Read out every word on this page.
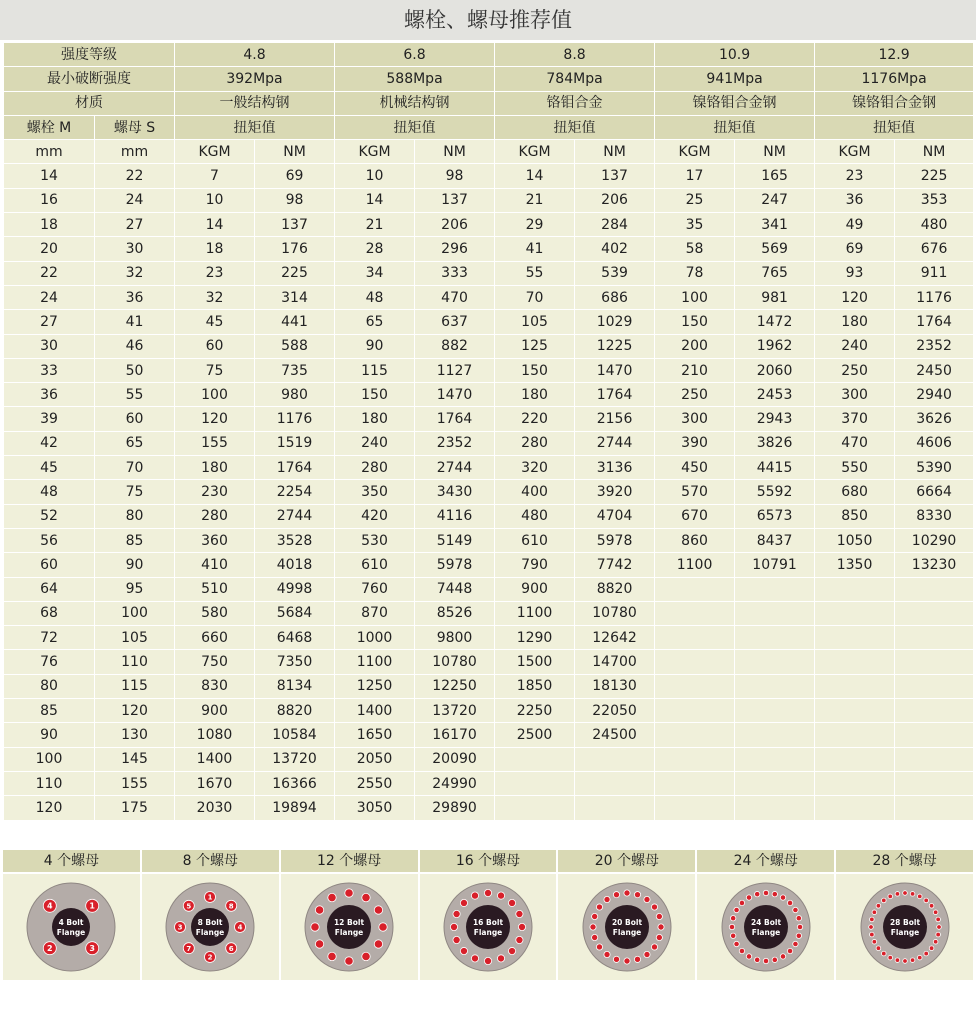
螺栓、螺母推荐值
强度等级		4.8		6.8		8.8		10.9		12.9	
最小破断强度		392Mpa		588Mpa		784Mpa		941Mpa		1176Mpa	
材质		一般结构钢		机械结构钢		铬钼合金		镍铬钼合金钢		镍铬钼合金钢	
螺栓 M	螺母 S	扭矩值		扭矩值		扭矩值		扭矩值		扭矩值	
mm	mm	KGM	NM	KGM	NM	KGM	NM	KGM	NM	KGM	NM
14	22	7	69	10	98	14	137	17	165	23	225
16	24	10	98	14	137	21	206	25	247	36	353
18	27	14	137	21	206	29	284	35	341	49	480
20	30	18	176	28	296	41	402	58	569	69	676
22	32	23	225	34	333	55	539	78	765	93	911
24	36	32	314	48	470	70	686	100	981	120	1176
27	41	45	441	65	637	105	1029	150	1472	180	1764
30	46	60	588	90	882	125	1225	200	1962	240	2352
33	50	75	735	115	1127	150	1470	210	2060	250	2450
36	55	100	980	150	1470	180	1764	250	2453	300	2940
39	60	120	1176	180	1764	220	2156	300	2943	370	3626
42	65	155	1519	240	2352	280	2744	390	3826	470	4606
45	70	180	1764	280	2744	320	3136	450	4415	550	5390
48	75	230	2254	350	3430	400	3920	570	5592	680	6664
52	80	280	2744	420	4116	480	4704	670	6573	850	8330
56	85	360	3528	530	5149	610	5978	860	8437	1050	10290
60	90	410	4018	610	5978	790	7742	1100	10791	1350	13230
64	95	510	4998	760	7448	900	8820				
68	100	580	5684	870	8526	1100	10780				
72	105	660	6468	1000	9800	1290	12642				
76	110	750	7350	1100	10780	1500	14700				
80	115	830	8134	1250	12250	1850	18130				
85	120	900	8820	1400	13720	2250	22050				
90	130	1080	10584	1650	16170	2500	24500				
100	145	1400	13720	2050	20090						
110	155	1670	16366	2550	24990						
120	175	2030	19894	3050	29890						
4 个螺母
1
3
2
4
4 Bolt
Flange
8 个螺母
1
8
4
6
2
7
3
5
8 Bolt
Flange
12 个螺母
12 Bolt
Flange
16 个螺母
16 Bolt
Flange
20 个螺母
20 Bolt
Flange
24 个螺母
24 Bolt
Flange
28 个螺母
28 Bolt
Flange
